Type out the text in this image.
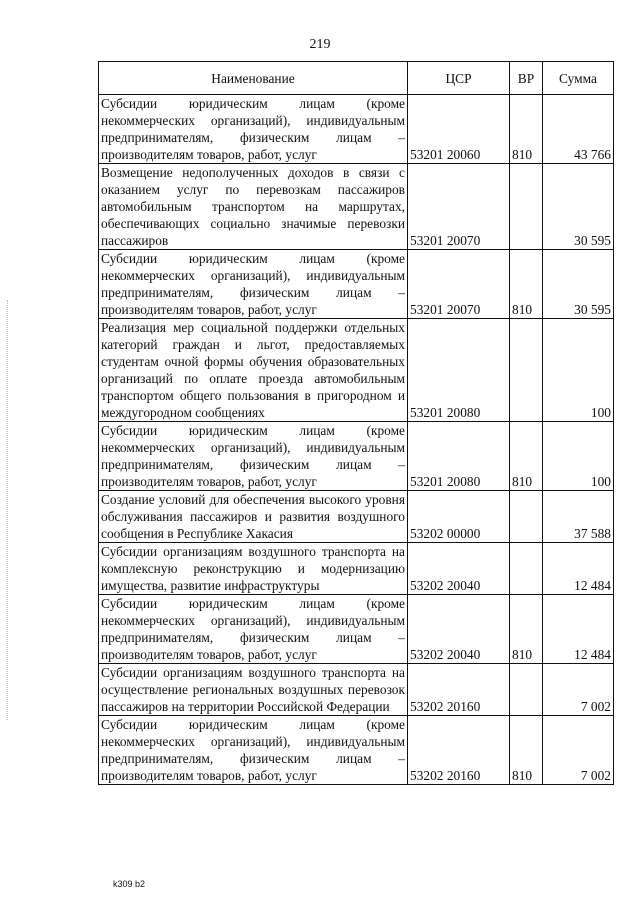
219
Наименование	ЦСР	ВР	Сумма
Субсидии юридическим лицам (кроме некоммерческих организаций), индивидуальным предпринимателям, физическим лицам – производителям товаров, работ, услуг	53201 20060	810	43 766
Возмещение недополученных доходов в связи с оказанием услуг по перевозкам пассажиров автомобильным транспортом на маршрутах, обеспечивающих социально значимые перевозки пассажиров	53201 20070		30 595
Субсидии юридическим лицам (кроме некоммерческих организаций), индивидуальным предпринимателям, физическим лицам – производителям товаров, работ, услуг	53201 20070	810	30 595
Реализация мер социальной поддержки отдельных категорий граждан и льгот, предоставляемых студентам очной формы обучения образовательных организаций по оплате проезда автомобильным транспортом общего пользования в пригородном и междугородном сообщениях	53201 20080		100
Субсидии юридическим лицам (кроме некоммерческих организаций), индивидуальным предпринимателям, физическим лицам – производителям товаров, работ, услуг	53201 20080	810	100
Создание условий для обеспечения высокого уровня обслуживания пассажиров и развития воздушного сообщения в Республике Хакасия	53202 00000		37 588
Субсидии организациям воздушного транспорта на комплексную реконструкцию и модернизацию имущества, развитие инфраструктуры	53202 20040		12 484
Субсидии юридическим лицам (кроме некоммерческих организаций), индивидуальным предпринимателям, физическим лицам – производителям товаров, работ, услуг	53202 20040	810	12 484
Субсидии организациям воздушного транспорта на осуществление региональных воздушных перевозок пассажиров на территории Российской Федерации	53202 20160		7 002
Субсидии юридическим лицам (кроме некоммерческих организаций), индивидуальным предпринимателям, физическим лицам – производителям товаров, работ, услуг	53202 20160	810	7 002
k309 b2
